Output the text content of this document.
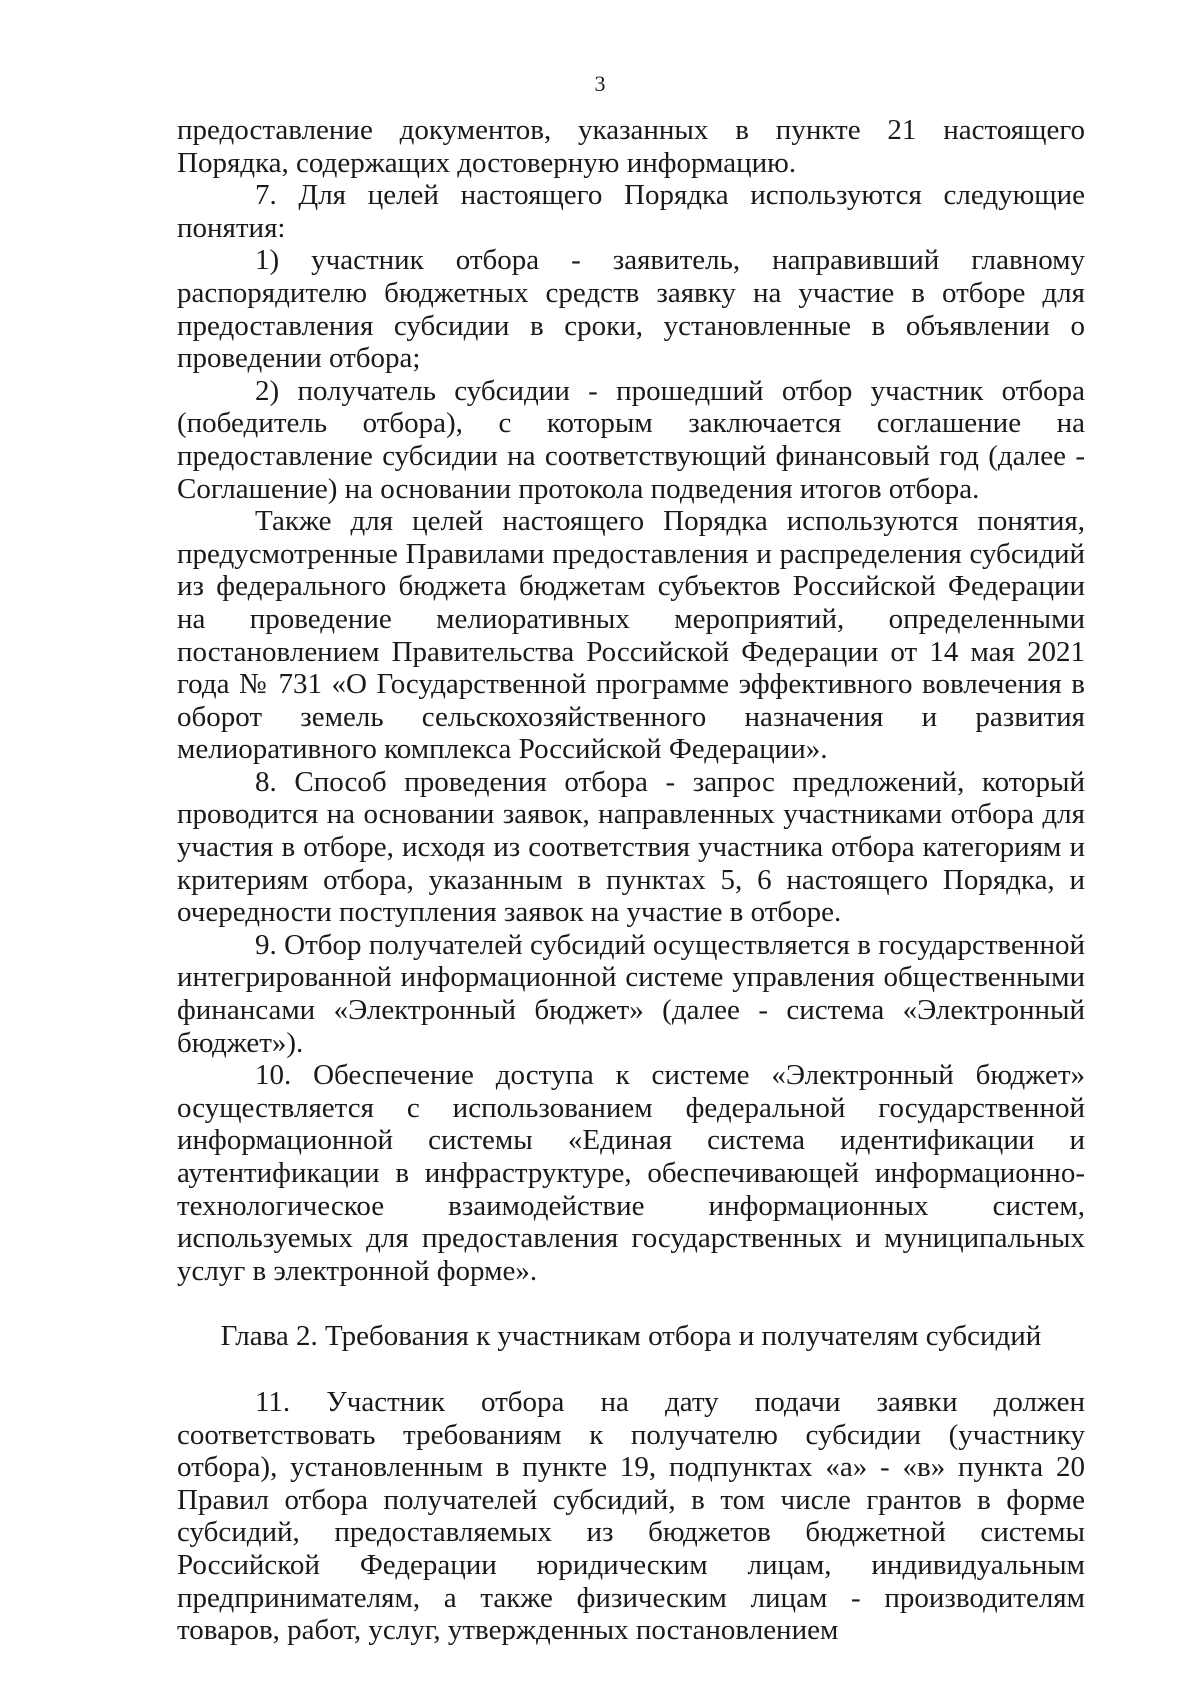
3

предоставление документов, указанных в пункте 21 настоящего Порядка, содержащих достоверную информацию.

7. Для целей настоящего Порядка используются следующие понятия:

1) участник отбора - заявитель, направивший главному распорядителю бюджетных средств заявку на участие в отборе для предоставления субсидии в сроки, установленные в объявлении о проведении отбора;

2) получатель субсидии - прошедший отбор участник отбора (победитель отбора), с которым заключается соглашение на предоставление субсидии на соответствующий финансовый год (далее - Соглашение) на основании протокола подведения итогов отбора.

Также для целей настоящего Порядка используются понятия, предусмотренные Правилами предоставления и распределения субсидий из федерального бюджета бюджетам субъектов Российской Федерации на проведение мелиоративных мероприятий, определенными постановлением Правительства Российской Федерации от 14 мая 2021 года № 731 «О Государственной программе эффективного вовлечения в оборот земель сельскохозяйственного назначения и развития мелиоративного комплекса Российской Федерации».

8. Способ проведения отбора - запрос предложений, который проводится на основании заявок, направленных участниками отбора для участия в отборе, исходя из соответствия участника отбора категориям и критериям отбора, указанным в пунктах 5, 6 настоящего Порядка, и очередности поступления заявок на участие в отборе.

9. Отбор получателей субсидий осуществляется в государственной интегрированной информационной системе управления общественными финансами «Электронный бюджет» (далее - система «Электронный бюджет»).

10. Обеспечение доступа к системе «Электронный бюджет» осуществляется с использованием федеральной государственной информационной системы «Единая система идентификации и аутентификации в инфраструктуре, обеспечивающей информационно-технологическое взаимодействие информационных систем, используемых для предоставления государственных и муниципальных услуг в электронной форме».

Глава 2. Требования к участникам отбора и получателям субсидий

11. Участник отбора на дату подачи заявки должен соответствовать требованиям к получателю субсидии (участнику отбора), установленным в пункте 19, подпунктах «а» - «в» пункта 20 Правил отбора получателей субсидий, в том числе грантов в форме субсидий, предоставляемых из бюджетов бюджетной системы Российской Федерации юридическим лицам, индивидуальным предпринимателям, а также физическим лицам - производителям товаров, работ, услуг, утвержденных постановлением
